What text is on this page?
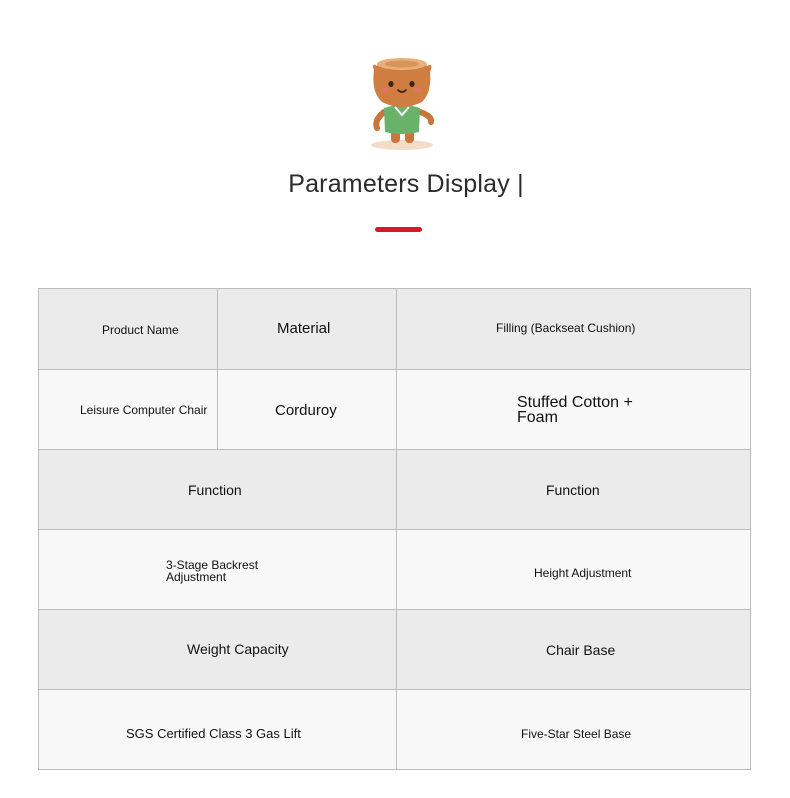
Parameters Display |
Product Name	Material	Filling (Backseat Cushion)
Leisure Computer Chair	Corduroy	Stuffed Cotton + Foam
Function	Function
3-Stage Backrest Adjustment	Height Adjustment
Weight Capacity	Chair Base
SGS Certified Class 3 Gas Lift	Five-Star Steel Base
